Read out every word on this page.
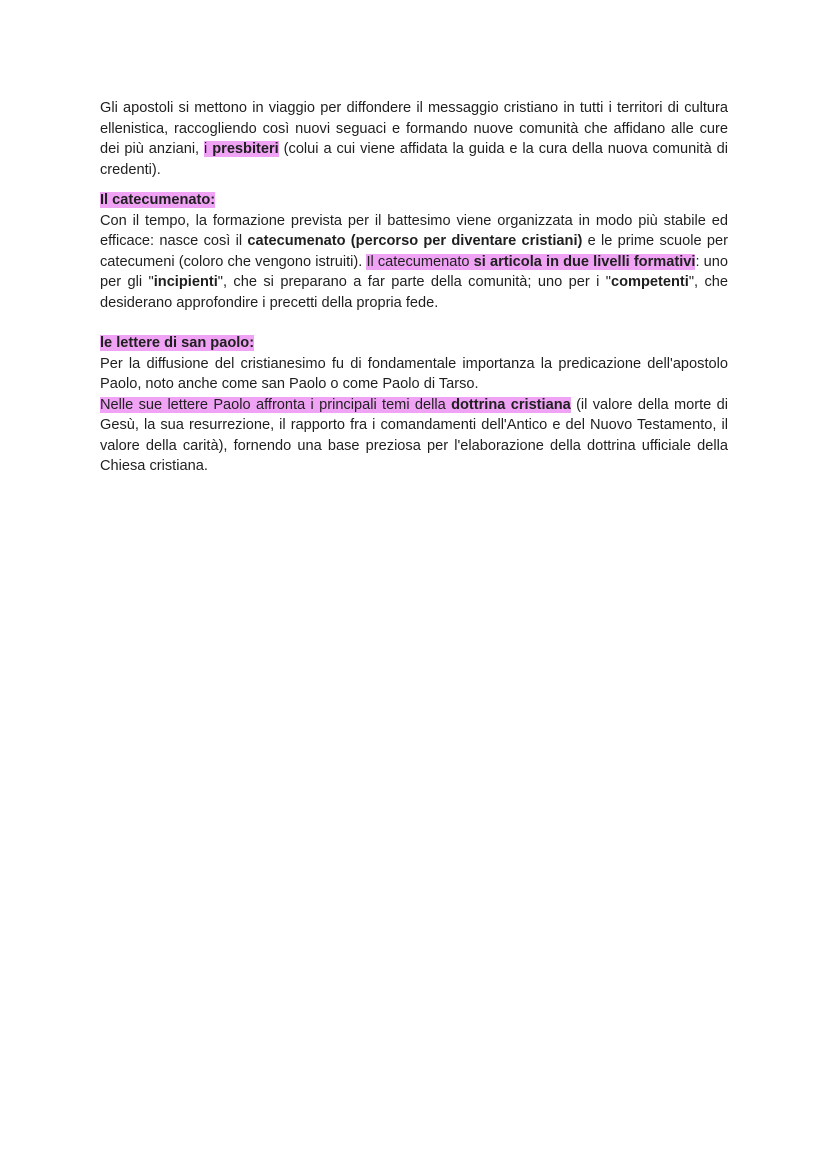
Gli apostoli si mettono in viaggio per diffondere il messaggio cristiano in tutti i territori di cultura ellenistica, raccogliendo così nuovi seguaci e formando nuove comunità che affidano alle cure dei più anziani, i presbiteri (colui a cui viene affidata la guida e la cura della nuova comunità di credenti).

Il catecumenato:

Con il tempo, la formazione prevista per il battesimo viene organizzata in modo più stabile ed efficace: nasce così il catecumenato (percorso per diventare cristiani) e le prime scuole per catecumeni (coloro che vengono istruiti). Il catecumenato si articola in due livelli formativi: uno per gli "incipienti", che si preparano a far parte della comunità; uno per i "competenti", che desiderano approfondire i precetti della propria fede.

le lettere di san paolo:

Per la diffusione del cristianesimo fu di fondamentale importanza la predicazione dell'apostolo Paolo, noto anche come san Paolo o come Paolo di Tarso.

Nelle sue lettere Paolo affronta i principali temi della dottrina cristiana (il valore della morte di Gesù, la sua resurrezione, il rapporto fra i comandamenti dell'Antico e del Nuovo Testamento, il valore della carità), fornendo una base preziosa per l'elaborazione della dottrina ufficiale della Chiesa cristiana.
